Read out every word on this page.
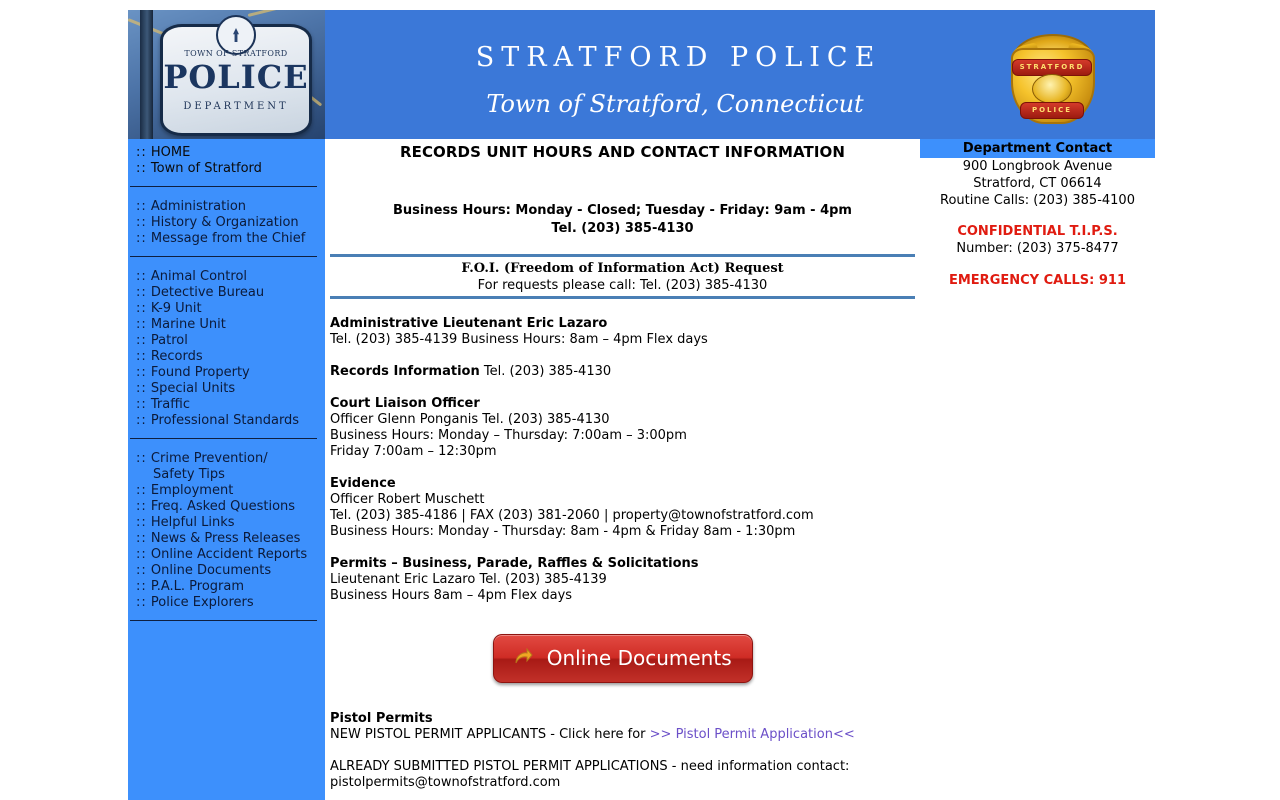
TOWN OF STRATFORD
POLICE
DEPARTMENT
STRATFORD POLICE
Town of Stratford, Connecticut
STRATFORD
POLICE
:: HOME
:: Town of Stratford
:: Administration
:: History & Organization
:: Message from the Chief
:: Animal Control
:: Detective Bureau
:: K-9 Unit
:: Marine Unit
:: Patrol
:: Records
:: Found Property
:: Special Units
:: Traffic
:: Professional Standards
:: Crime Prevention/
Safety Tips
:: Employment
:: Freq. Asked Questions
:: Helpful Links
:: News & Press Releases
:: Online Accident Reports
:: Online Documents
:: P.A.L. Program
:: Police Explorers
RECORDS UNIT HOURS AND CONTACT INFORMATION
Business Hours: Monday - Closed; Tuesday - Friday: 9am - 4pm
Tel. (203) 385-4130
F.O.I. (Freedom of Information Act) Request
For requests please call: Tel. (203) 385-4130
Administrative Lieutenant Eric Lazaro
Tel. (203) 385-4139 Business Hours: 8am – 4pm Flex days
Records Information Tel. (203) 385-4130
Court Liaison Officer
Officer Glenn Ponganis Tel. (203) 385-4130
Business Hours: Monday – Thursday: 7:00am – 3:00pm
Friday 7:00am – 12:30pm
Evidence
Officer Robert Muschett
Tel. (203) 385-4186 | FAX (203) 381-2060 | property@townofstratford.com
Business Hours: Monday - Thursday: 8am - 4pm & Friday 8am - 1:30pm
Permits – Business, Parade, Raffles & Solicitations
Lieutenant Eric Lazaro Tel. (203) 385-4139
Business Hours 8am – 4pm Flex days
Online Documents
Pistol Permits
NEW PISTOL PERMIT APPLICANTS - Click here for >> Pistol Permit Application<<
ALREADY SUBMITTED PISTOL PERMIT APPLICATIONS - need information contact:
pistolpermits@townofstratford.com
Department Contact
900 Longbrook Avenue
Stratford, CT 06614
Routine Calls: (203) 385-4100
CONFIDENTIAL T.I.P.S.
Number: (203) 375-8477
EMERGENCY CALLS: 911
